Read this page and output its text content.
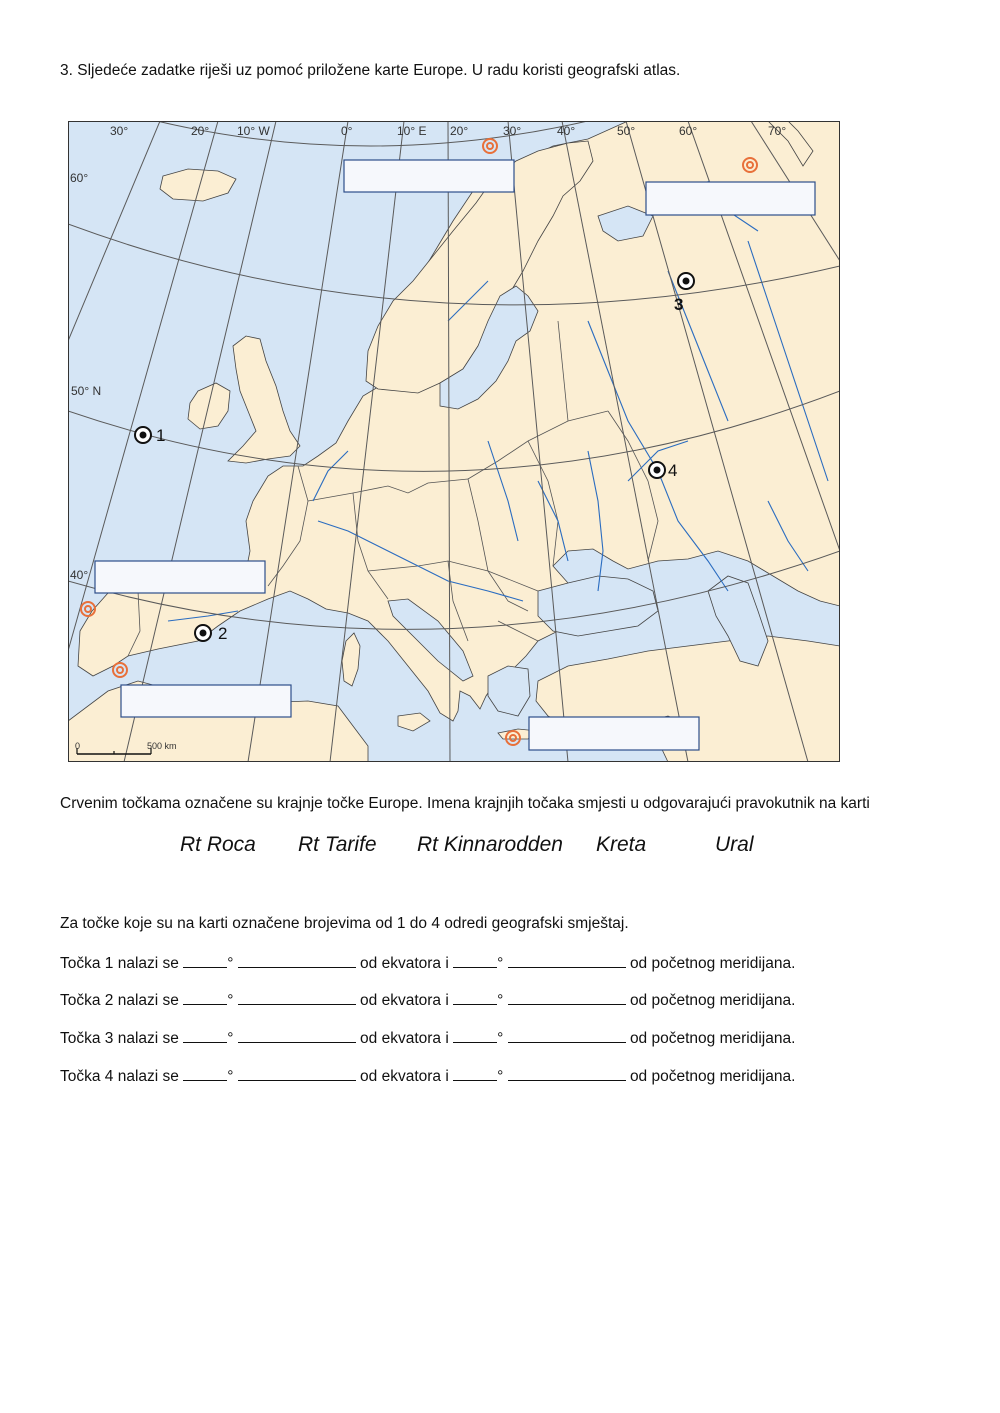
3. Sljedeće zadatke riješi uz pomoć priložene karte Europe. U radu koristi geografski atlas.
30°	20° 10° W	0°	10° E 20°	30°	40°	50°	60°	70°
60°
50° N
40°
1
2
3
4
0	500 km
Crvenim točkama označene su krajnje točke Europe. Imena krajnjih točaka smjesti u odgovarajući pravokutnik na karti
Rt Roca Rt Tarife Rt Kinnarodden Kreta	Ural
Za točke koje su na karti označene brojevima od 1 do 4 odredi geografski smještaj.
Točka 1 nalazi se	°	od ekvatora i	°	od početnog meridijana.
Točka 2 nalazi se	°	od ekvatora i	°	od početnog meridijana.
Točka 3 nalazi se	°	od ekvatora i	°	od početnog meridijana.
Točka 4 nalazi se	°	od ekvatora i	°	od početnog meridijana.
